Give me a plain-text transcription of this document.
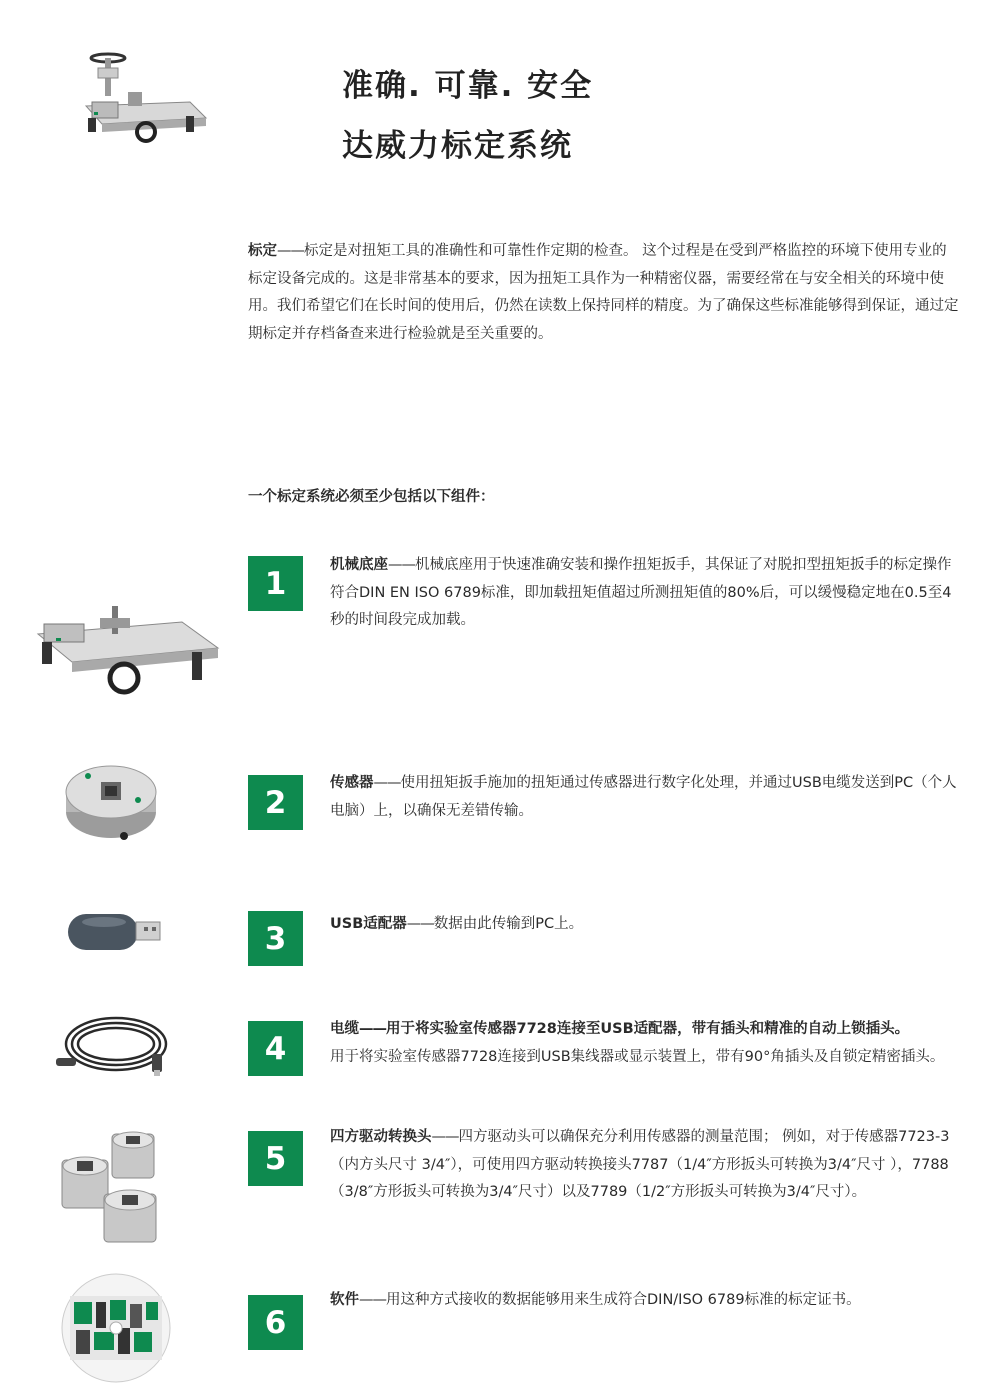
准确. 可靠. 安全
达威力标定系统

标定——标定是对扭矩工具的准确性和可靠性作定期的检查。 这个过程是在受到严格监控的环境下使用专业的标定设备完成的。这是非常基本的要求，因为扭矩工具作为一种精密仪器，需要经常在与安全相关的环境中使用。我们希望它们在长时间的使用后，仍然在读数上保持同样的精度。为了确保这些标准能够得到保证，通过定期标定并存档备查来进行检验就是至关重要的。

一个标定系统必须至少包括以下组件：

1

机械底座——机械底座用于快速准确安装和操作扭矩扳手，其保证了对脱扣型扭矩扳手的标定操作符合DIN EN ISO 6789标准，即加载扭矩值超过所测扭矩值的80%后，可以缓慢稳定地在0.5至4秒的时间段完成加载。

2

传感器——使用扭矩扳手施加的扭矩通过传感器进行数字化处理，并通过USB电缆发送到PC（个人电脑）上，以确保无差错传输。

3	USB适配器——数据由此传输到PC上。

4

电缆——用于将实验室传感器7728连接至USB适配器，带有插头和精准的自动上锁插头。
用于将实验室传感器7728连接到USB集线器或显示装置上，带有90°角插头及自锁定精密插头。

5

四方驱动转换头——四方驱动头可以确保充分利用传感器的测量范围； 例如，对于传感器7723-3（内方头尺寸 3/4″），可使用四方驱动转换接头7787（1/4″方形扳头可转换为3/4″尺寸 ），7788（3/8″方形扳头可转换为3/4″尺寸）以及7789（1/2″方形扳头可转换为3/4″尺寸）。

6

软件——用这种方式接收的数据能够用来生成符合DIN/ISO 6789标准的标定证书。
